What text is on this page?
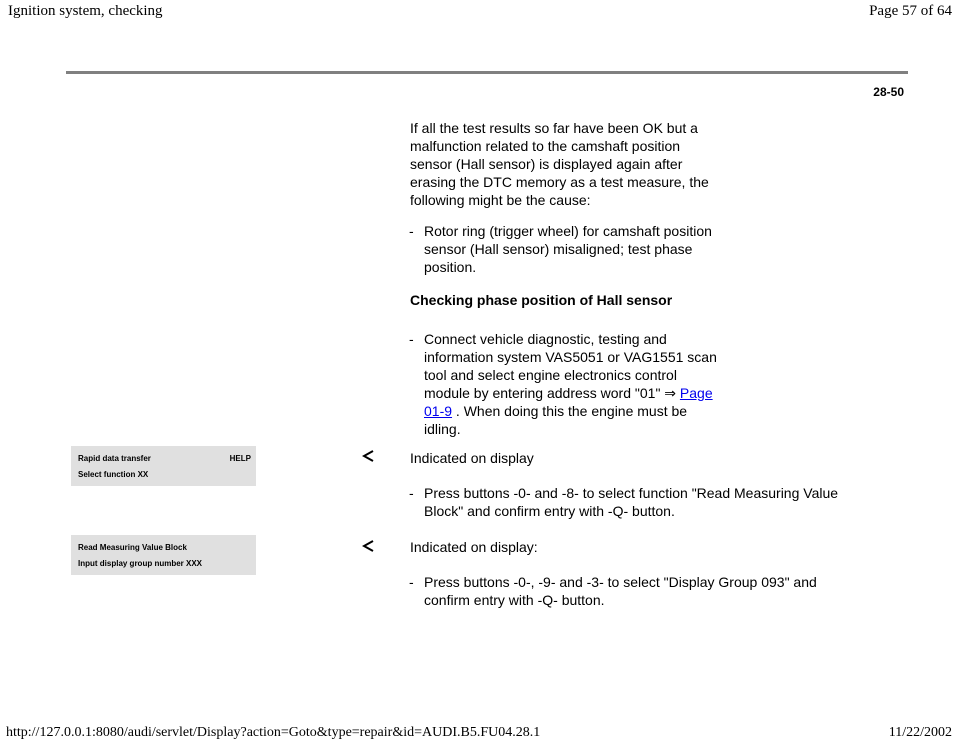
Ignition system, checking	Page 57 of 64
28-50
If all the test results so far have been OK but a
malfunction related to the camshaft position
sensor (Hall sensor) is displayed again after
erasing the DTC memory as a test measure, the
following might be the cause:
- Rotor ring (trigger wheel) for camshaft position
sensor (Hall sensor) misaligned; test phase
position.
Checking phase position of Hall sensor
- Connect vehicle diagnostic, testing and
information system VAS5051 or VAG1551 scan
tool and select engine electronics control
module by entering address word "01" ⇒ Page
01-9 . When doing this the engine must be
idling.
Rapid data transfer	HELP
Select function XX
Indicated on display
- Press buttons -0- and -8- to select function "Read Measuring Value
Block" and confirm entry with -Q- button.
Read Measuring Value Block
Input display group number XXX
Indicated on display:
- Press buttons -0-, -9- and -3- to select "Display Group 093" and
confirm entry with -Q- button.
http://127.0.0.1:8080/audi/servlet/Display?action=Goto&type=repair&id=AUDI.B5.FU04.28.1	11/22/2002
